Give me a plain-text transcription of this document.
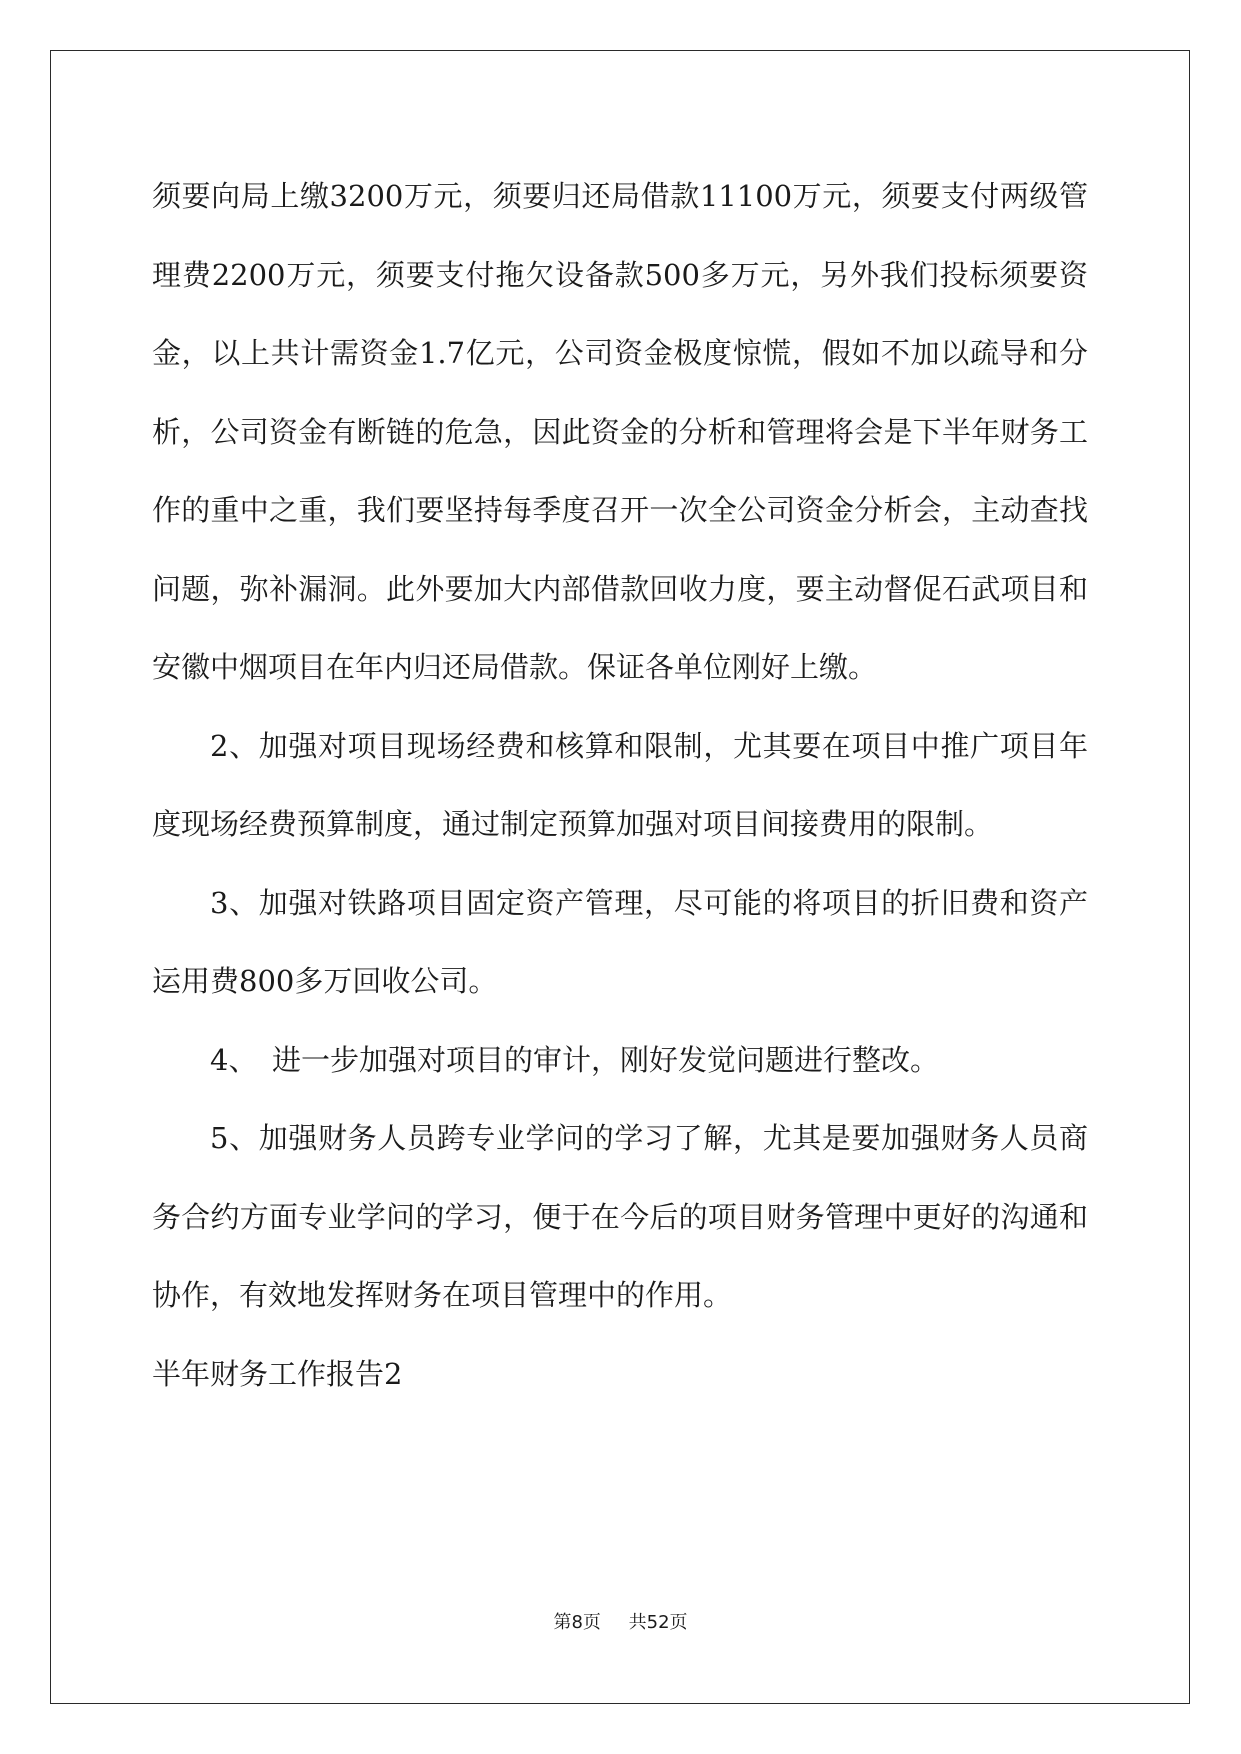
须要向局上缴3200万元，须要归还局借款11100万元，须要支付两级管理费2200万元，须要支付拖欠设备款500多万元，另外我们投标须要资金，以上共计需资金1.7亿元，公司资金极度惊慌，假如不加以疏导和分析，公司资金有断链的危急，因此资金的分析和管理将会是下半年财务工作的重中之重，我们要坚持每季度召开一次全公司资金分析会，主动查找问题，弥补漏洞。此外要加大内部借款回收力度，要主动督促石武项目和安徽中烟项目在年内归还局借款。保证各单位刚好上缴。

2、加强对项目现场经费和核算和限制，尤其要在项目中推广项目年度现场经费预算制度，通过制定预算加强对项目间接费用的限制。

3、加强对铁路项目固定资产管理，尽可能的将项目的折旧费和资产运用费800多万回收公司。

4、　进一步加强对项目的审计，刚好发觉问题进行整改。

5、加强财务人员跨专业学问的学习了解，尤其是要加强财务人员商务合约方面专业学问的学习，便于在今后的项目财务管理中更好的沟通和协作，有效地发挥财务在项目管理中的作用。

半年财务工作报告2

第8页 共52页
